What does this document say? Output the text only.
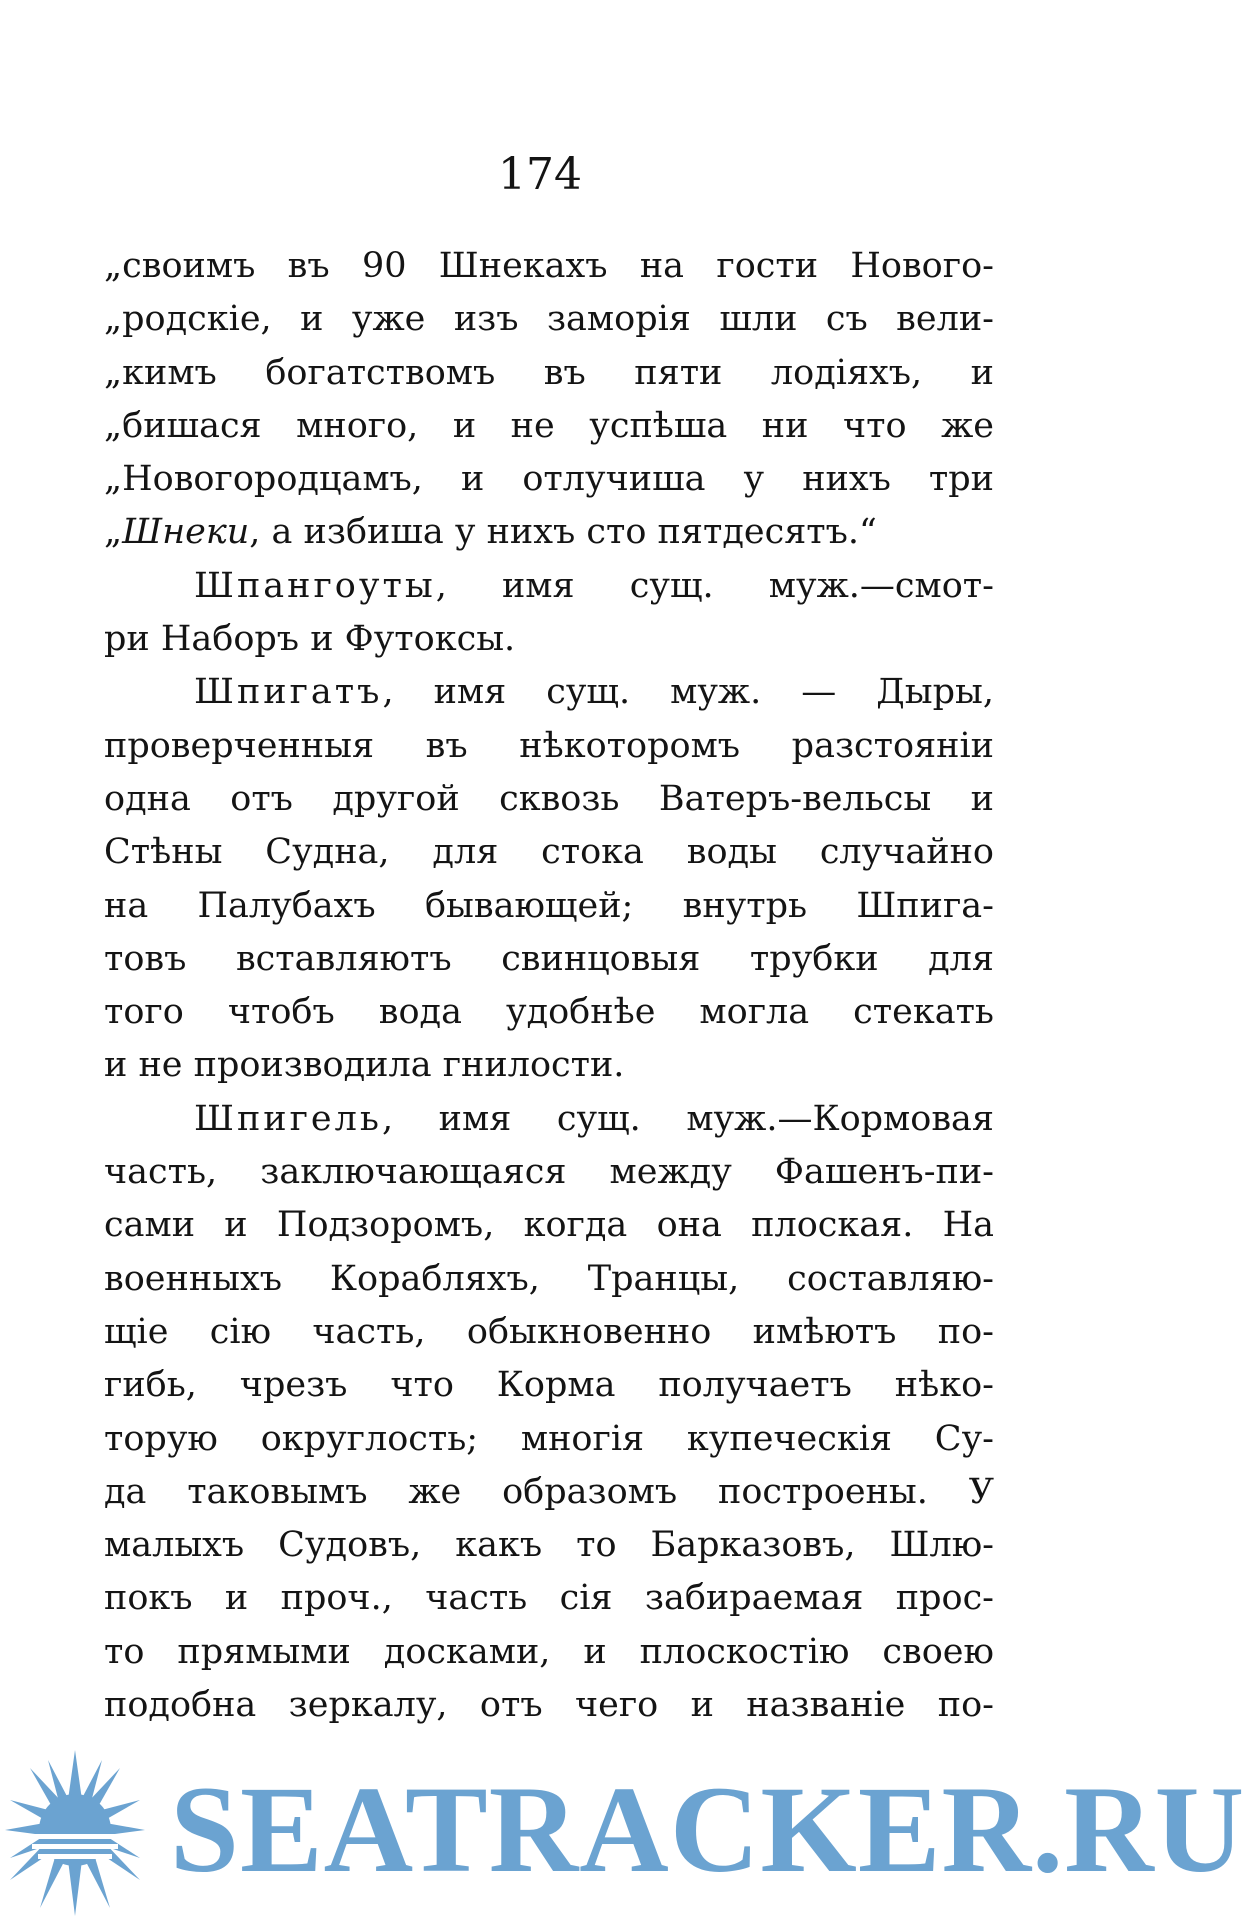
174
„своимъ въ 90 Шнекахъ на гости Нового-
„родскіе, и уже изъ заморія шли съ вели-
„кимъ богатствомъ въ пяти лодіяхъ, и
„бишася много, и не успѣша ни что же
„Новогородцамъ, и отлучиша у нихъ три
„Шнеки, а избиша у нихъ сто пятдесятъ.“
Шпангоуты, имя сущ. муж.—смот-
ри Наборъ и Футоксы.
Шпигатъ, имя сущ. муж. — Дыры,
проверченныя въ нѣкоторомъ разстояніи
одна отъ другой сквозь Ватеръ-вельсы и
Стѣны Судна, для стока воды случайно
на Палубахъ бывающей; внутрь Шпига-
товъ вставляютъ свинцовыя трубки для
того чтобъ вода удобнѣе могла стекать
и не производила гнилости.
Шпигель, имя сущ. муж.—Кормовая
часть, заключающаяся между Фашенъ-пи-
сами и Подзоромъ, когда она плоская. На
военныхъ Корабляхъ, Транцы, составляю-
щіе сію часть, обыкновенно имѣютъ по-
гибь, чрезъ что Корма получаетъ нѣко-
торую округлость; многія купеческія Су-
да таковымъ же образомъ построены. У
малыхъ Судовъ, какъ то Барказовъ, Шлю-
покъ и проч., часть сія забираемая прос-
то прямыми досками, и плоскостію своею
подобна зеркалу, отъ чего и названіе по-
SEATRACKER.RU
